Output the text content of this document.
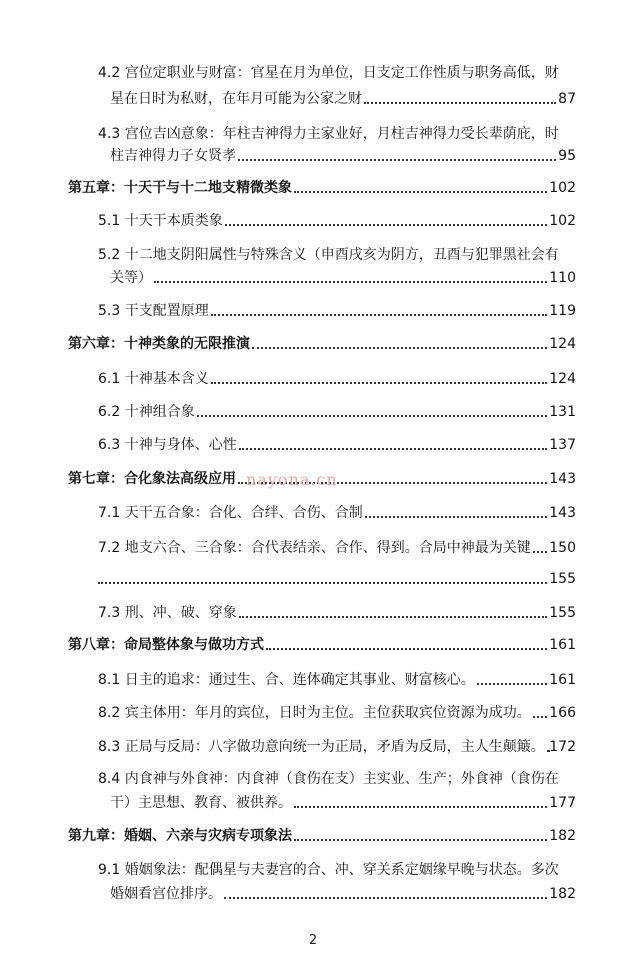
4.2 宫位定职业与财富：官星在月为单位，日支定工作性质与职务高低，财
星在日时为私财，在年月可能为公家之财	87
4.3 宫位吉凶意象：年柱吉神得力主家业好，月柱吉神得力受长辈荫庇，时
柱吉神得力子女贤孝	95
第五章：十天干与十二地支精微类象	102
5.1 十天干本质类象	102
5.2 十二地支阴阳属性与特殊含义（申酉戌亥为阴方，丑酉与犯罪黑社会有
关等）	110
5.3 干支配置原理	119
第六章：十神类象的无限推演	124
6.1 十神基本含义	124
6.2 十神组合象	131
6.3 十神与身体、心性	137
第七章：合化象法高级应用	143
7.1 天干五合象：合化、合绊、合伤、合制	143
7.2 地支六合、三合象：合代表结亲、合作、得到。合局中神最为关键 150
155
7.3 刑、冲、破、穿象	155
第八章：命局整体象与做功方式	161
8.1 日主的追求：通过生、合、连体确定其事业、财富核心。	161
8.2 宾主体用：年月的宾位，日时为主位。主位获取宾位资源为成功。 166
8.3 正局与反局：八字做功意向统一为正局，矛盾为反局，主人生颠簸。 172
8.4 内食神与外食神：内食神（食伤在支）主实业、生产；外食神（食伤在
干）主思想、教育、被供养。	177
第九章：婚姻、六亲与灾病专项象法	182
9.1 婚姻象法：配偶星与夫妻宫的合、冲、穿关系定姻缘早晚与状态。多次
婚姻看宫位排序。	182
nayona.cn
2
